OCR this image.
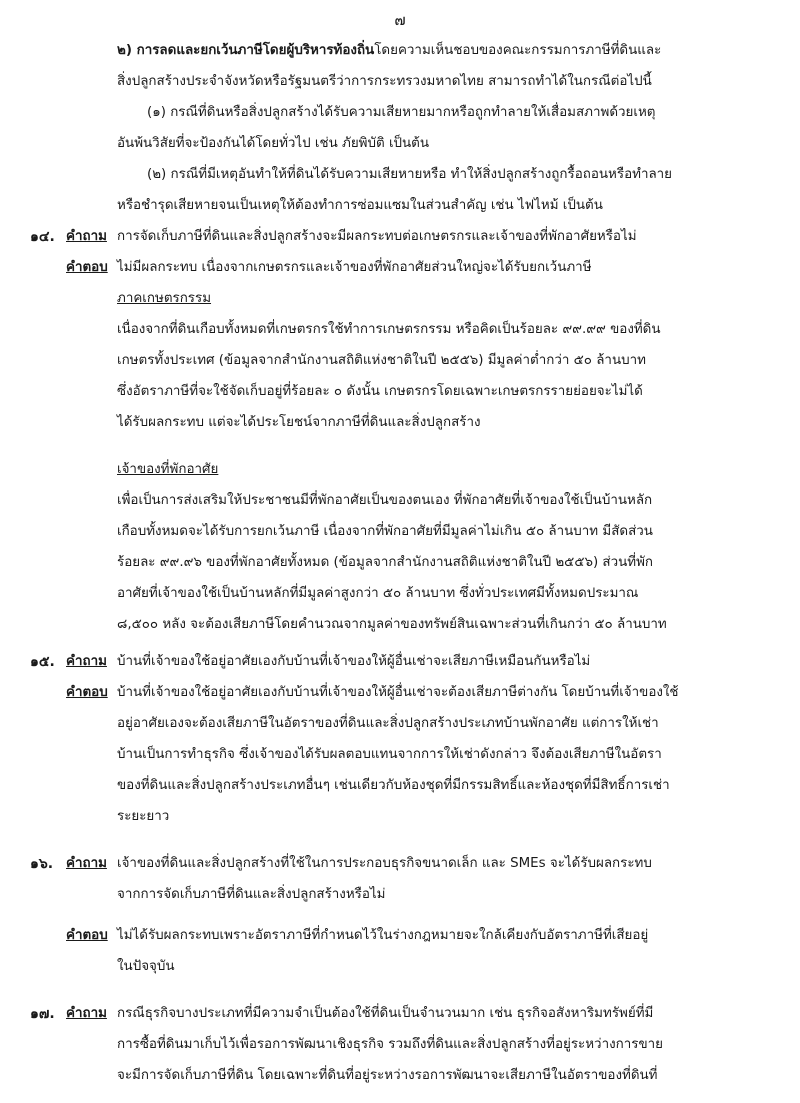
๗
๒) การลดและยกเว้นภาษีโดยผู้บริหารท้องถิ่นโดยความเห็นชอบของคณะกรรมการภาษีที่ดินและ
สิ่งปลูกสร้างประจำจังหวัดหรือรัฐมนตรีว่าการกระทรวงมหาดไทย สามารถทำได้ในกรณีต่อไปนี้
(๑) กรณีที่ดินหรือสิ่งปลูกสร้างได้รับความเสียหายมากหรือถูกทำลายให้เสื่อมสภาพด้วยเหตุ
อันพ้นวิสัยที่จะป้องกันได้โดยทั่วไป เช่น ภัยพิบัติ เป็นต้น
(๒) กรณีที่มีเหตุอันทำให้ที่ดินได้รับความเสียหายหรือ ทำให้สิ่งปลูกสร้างถูกรื้อถอนหรือทำลาย
หรือชำรุดเสียหายจนเป็นเหตุให้ต้องทำการซ่อมแซมในส่วนสำคัญ เช่น ไฟไหม้ เป็นต้น
๑๔. คำถาม การจัดเก็บภาษีที่ดินและสิ่งปลูกสร้างจะมีผลกระทบต่อเกษตรกรและเจ้าของที่พักอาศัยหรือไม่
คำตอบ ไม่มีผลกระทบ เนื่องจากเกษตรกรและเจ้าของที่พักอาศัยส่วนใหญ่จะได้รับยกเว้นภาษี
ภาคเกษตรกรรม
เนื่องจากที่ดินเกือบทั้งหมดที่เกษตรกรใช้ทำการเกษตรกรรม หรือคิดเป็นร้อยละ ๙๙.๙๙ ของที่ดิน
เกษตรทั้งประเทศ (ข้อมูลจากสำนักงานสถิติแห่งชาติในปี ๒๕๕๖) มีมูลค่าต่ำกว่า ๕๐ ล้านบาท
ซึ่งอัตราภาษีที่จะใช้จัดเก็บอยู่ที่ร้อยละ ๐ ดังนั้น เกษตรกรโดยเฉพาะเกษตรกรรายย่อยจะไม่ได้
ได้รับผลกระทบ แต่จะได้ประโยชน์จากภาษีที่ดินและสิ่งปลูกสร้าง
เจ้าของที่พักอาศัย
เพื่อเป็นการส่งเสริมให้ประชาชนมีที่พักอาศัยเป็นของตนเอง ที่พักอาศัยที่เจ้าของใช้เป็นบ้านหลัก
เกือบทั้งหมดจะได้รับการยกเว้นภาษี เนื่องจากที่พักอาศัยที่มีมูลค่าไม่เกิน ๕๐ ล้านบาท มีสัดส่วน
ร้อยละ ๙๙.๙๖ ของที่พักอาศัยทั้งหมด (ข้อมูลจากสำนักงานสถิติแห่งชาติในปี ๒๕๕๖) ส่วนที่พัก
อาศัยที่เจ้าของใช้เป็นบ้านหลักที่มีมูลค่าสูงกว่า ๕๐ ล้านบาท ซึ่งทั่วประเทศมีทั้งหมดประมาณ
๘,๕๐๐ หลัง จะต้องเสียภาษีโดยคำนวณจากมูลค่าของทรัพย์สินเฉพาะส่วนที่เกินกว่า ๕๐ ล้านบาท
๑๕. คำถาม บ้านที่เจ้าของใช้อยู่อาศัยเองกับบ้านที่เจ้าของให้ผู้อื่นเช่าจะเสียภาษีเหมือนกันหรือไม่
คำตอบ บ้านที่เจ้าของใช้อยู่อาศัยเองกับบ้านที่เจ้าของให้ผู้อื่นเช่าจะต้องเสียภาษีต่างกัน โดยบ้านที่เจ้าของใช้
อยู่อาศัยเองจะต้องเสียภาษีในอัตราของที่ดินและสิ่งปลูกสร้างประเภทบ้านพักอาศัย แต่การให้เช่า
บ้านเป็นการทำธุรกิจ ซึ่งเจ้าของได้รับผลตอบแทนจากการให้เช่าดังกล่าว จึงต้องเสียภาษีในอัตรา
ของที่ดินและสิ่งปลูกสร้างประเภทอื่นๆ เช่นเดียวกับห้องชุดที่มีกรรมสิทธิ์และห้องชุดที่มีสิทธิ์การเช่า
ระยะยาว
๑๖. คำถาม เจ้าของที่ดินและสิ่งปลูกสร้างที่ใช้ในการประกอบธุรกิจขนาดเล็ก และ SMEs จะได้รับผลกระทบ
จากการจัดเก็บภาษีที่ดินและสิ่งปลูกสร้างหรือไม่
คำตอบ ไม่ได้รับผลกระทบเพราะอัตราภาษีที่กำหนดไว้ในร่างกฎหมายจะใกล้เคียงกับอัตราภาษีที่เสียอยู่
ในปัจจุบัน
๑๗. คำถาม กรณีธุรกิจบางประเภทที่มีความจำเป็นต้องใช้ที่ดินเป็นจำนวนมาก เช่น ธุรกิจอสังหาริมทรัพย์ที่มี
การซื้อที่ดินมาเก็บไว้เพื่อรอการพัฒนาเชิงธุรกิจ รวมถึงที่ดินและสิ่งปลูกสร้างที่อยู่ระหว่างการขาย
จะมีการจัดเก็บภาษีที่ดิน โดยเฉพาะที่ดินที่อยู่ระหว่างรอการพัฒนาจะเสียภาษีในอัตราของที่ดินที่
